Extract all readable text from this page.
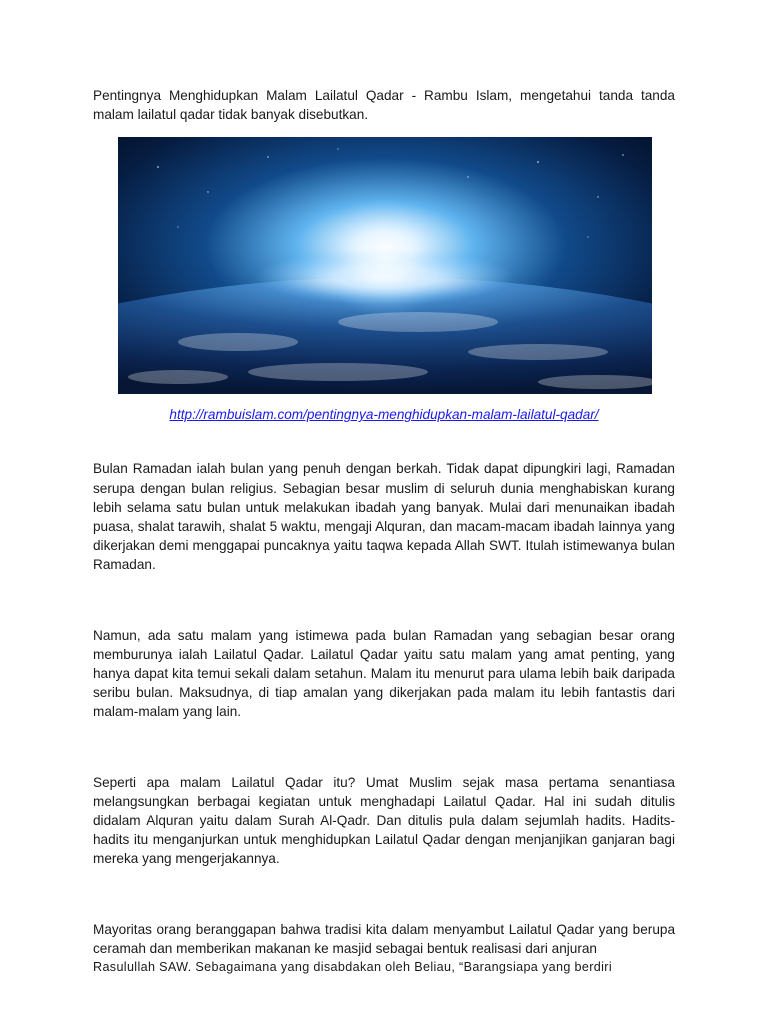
Pentingnya Menghidupkan Malam Lailatul Qadar - Rambu Islam, mengetahui tanda tanda malam lailatul qadar tidak banyak disebutkan.

http://rambuislam.com/pentingnya-menghidupkan-malam-lailatul-qadar/

Bulan Ramadan ialah bulan yang penuh dengan berkah. Tidak dapat dipungkiri lagi, Ramadan serupa dengan bulan religius. Sebagian besar muslim di seluruh dunia menghabiskan kurang lebih selama satu bulan untuk melakukan ibadah yang banyak. Mulai dari menunaikan ibadah puasa, shalat tarawih, shalat 5 waktu, mengaji Alquran, dan macam-macam ibadah lainnya yang dikerjakan demi menggapai puncaknya yaitu taqwa kepada Allah SWT. Itulah istimewanya bulan Ramadan.

Namun, ada satu malam yang istimewa pada bulan Ramadan yang sebagian besar orang memburunya ialah Lailatul Qadar. Lailatul Qadar yaitu satu malam yang amat penting, yang hanya dapat kita temui sekali dalam setahun. Malam itu menurut para ulama lebih baik daripada seribu bulan. Maksudnya, di tiap amalan yang dikerjakan pada malam itu lebih fantastis dari malam-malam yang lain.

Seperti apa malam Lailatul Qadar itu? Umat Muslim sejak masa pertama senantiasa melangsungkan berbagai kegiatan untuk menghadapi Lailatul Qadar. Hal ini sudah ditulis didalam Alquran yaitu dalam Surah Al-Qadr. Dan ditulis pula dalam sejumlah hadits. Hadits-hadits itu menganjurkan untuk menghidupkan Lailatul Qadar dengan menjanjikan ganjaran bagi mereka yang mengerjakannya.

Mayoritas orang beranggapan bahwa tradisi kita dalam menyambut Lailatul Qadar yang berupa ceramah dan memberikan makanan ke masjid sebagai bentuk realisasi dari anjuran
Rasulullah SAW. Sebagaimana yang disabdakan oleh Beliau, “Barangsiapa yang berdiri
